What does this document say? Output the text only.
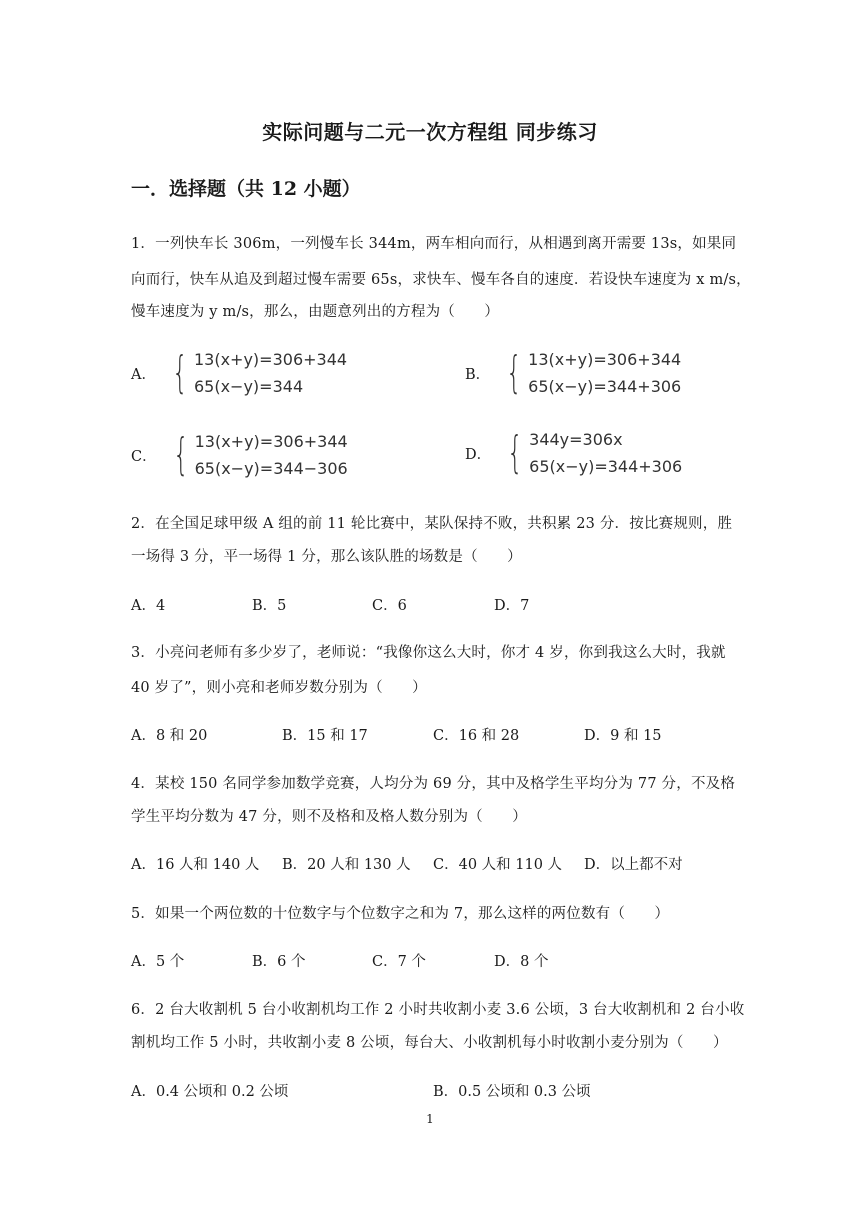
实际问题与二元一次方程组 同步练习
一．选择题（共 12 小题）
1．一列快车长 306m，一列慢车长 344m，两车相向而行，从相遇到离开需要 13s，如果同
向而行，快车从追及到超过慢车需要 65s，求快车、慢车各自的速度．若设快车速度为 x m/s，
慢车速度为 y m/s，那么，由题意列出的方程为（　　）
A． { 13(x+y)=306+344
65(x−y)=344
B． { 13(x+y)=306+344
65(x−y)=344+306
C． { 13(x+y)=306+344
65(x−y)=344−306
D． { 344y=306x
65(x−y)=344+306
2．在全国足球甲级 A 组的前 11 轮比赛中，某队保持不败，共积累 23 分．按比赛规则，胜
一场得 3 分，平一场得 1 分，那么该队胜的场数是（　　）
A．4	B．5	C．6	D．7
3．小亮问老师有多少岁了，老师说：“我像你这么大时，你才 4 岁，你到我这么大时，我就
40 岁了”，则小亮和老师岁数分别为（　　）
A．8 和 20	B．15 和 17	C．16 和 28	D．9 和 15
4．某校 150 名同学参加数学竞赛，人均分为 69 分，其中及格学生平均分为 77 分，不及格
学生平均分数为 47 分，则不及格和及格人数分别为（　　）
A．16 人和 140 人 B．20 人和 130 人 C．40 人和 110 人 D．以上都不对
5．如果一个两位数的十位数字与个位数字之和为 7，那么这样的两位数有（　　）
A．5 个	B．6 个	C．7 个	D．8 个
6．2 台大收割机 5 台小收割机均工作 2 小时共收割小麦 3.6 公顷，3 台大收割机和 2 台小收
割机均工作 5 小时，共收割小麦 8 公顷，每台大、小收割机每小时收割小麦分别为（　　）
A．0.4 公顷和 0.2 公顷	B．0.5 公顷和 0.3 公顷
1
